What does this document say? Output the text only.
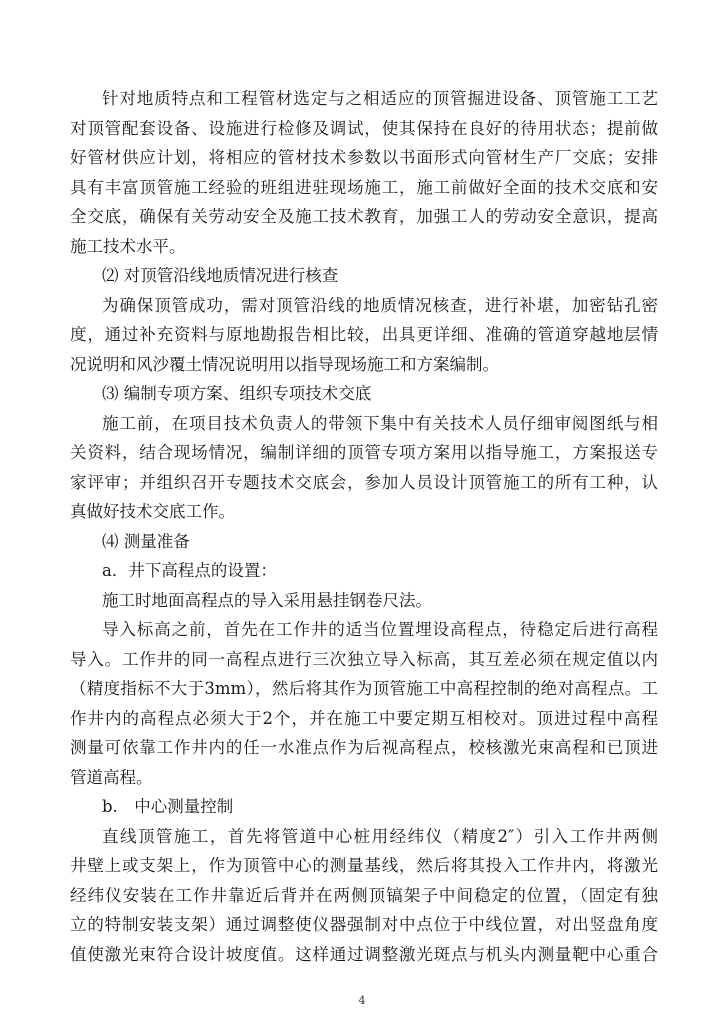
针对地质特点和工程管材选定与之相适应的顶管掘进设备、顶管施工工艺
对顶管配套设备、设施进行检修及调试，使其保持在良好的待用状态；提前做
好管材供应计划，将相应的管材技术参数以书面形式向管材生产厂交底；安排
具有丰富顶管施工经验的班组进驻现场施工，施工前做好全面的技术交底和安
全交底，确保有关劳动安全及施工技术教育，加强工人的劳动安全意识，提高
施工技术水平。
⑵ 对顶管沿线地质情况进行核查
为确保顶管成功，需对顶管沿线的地质情况核查，进行补堪，加密钻孔密
度，通过补充资料与原地勘报告相比较，出具更详细、准确的管道穿越地层情
况说明和风沙覆土情况说明用以指导现场施工和方案编制。
⑶ 编制专项方案、组织专项技术交底
施工前，在项目技术负责人的带领下集中有关技术人员仔细审阅图纸与相
关资料，结合现场情况，编制详细的顶管专项方案用以指导施工，方案报送专
家评审；并组织召开专题技术交底会，参加人员设计顶管施工的所有工种，认
真做好技术交底工作。
⑷ 测量准备
a．井下高程点的设置：
施工时地面高程点的导入采用悬挂钢卷尺法。
导入标高之前，首先在工作井的适当位置埋设高程点，待稳定后进行高程
导入。工作井的同一高程点进行三次独立导入标高，其互差必须在规定值以内
（精度指标不大于3mm），然后将其作为顶管施工中高程控制的绝对高程点。工
作井内的高程点必须大于2个，并在施工中要定期互相校对。顶进过程中高程
测量可依靠工作井内的任一水准点作为后视高程点，校核激光束高程和已顶进
管道高程。
b.　中心测量控制
直线顶管施工，首先将管道中心桩用经纬仪（精度2″）引入工作井两侧
井壁上或支架上，作为顶管中心的测量基线，然后将其投入工作井内，将激光
经纬仪安装在工作井靠近后背并在两侧顶镐架子中间稳定的位置，（固定有独
立的特制安装支架）通过调整使仪器强制对中点位于中线位置，对出竖盘角度
值使激光束符合设计坡度值。这样通过调整激光斑点与机头内测量靶中心重合
4
